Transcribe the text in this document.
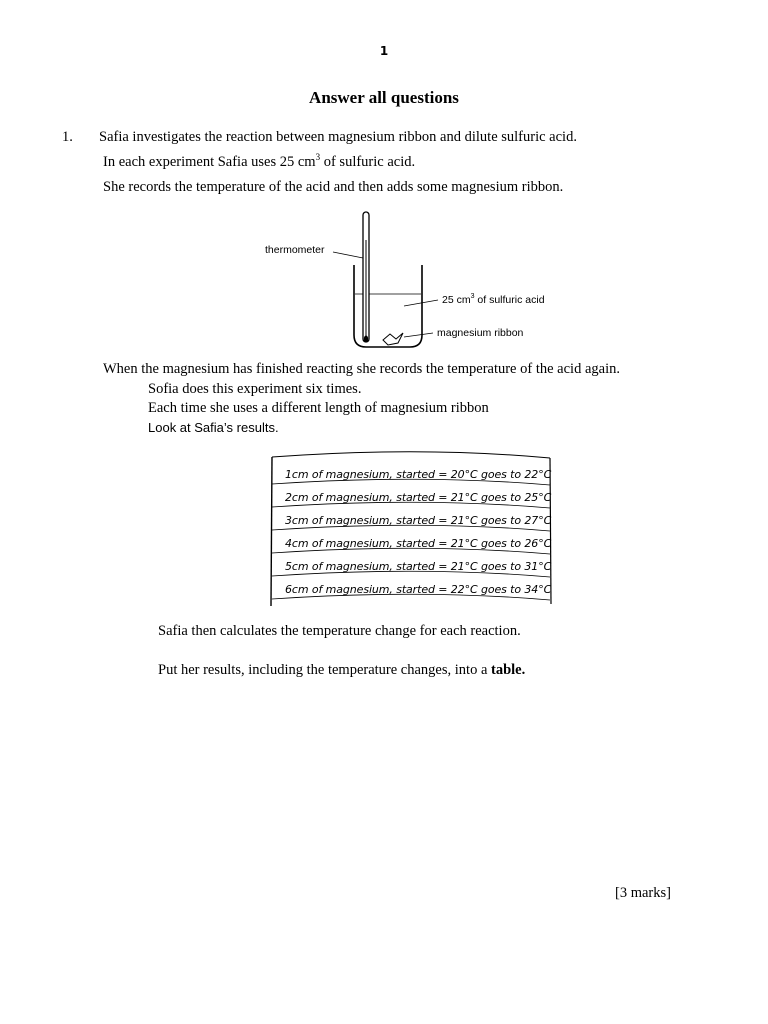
1
Answer all questions
1. Safia investigates the reaction between magnesium ribbon and dilute sulfuric acid.
In each experiment Safia uses 25 $cm^3$ of sulfuric acid.
She records the temperature of the acid and then adds some magnesium ribbon.
thermometer
25 $cm^3$ of sulfuric acid
magnesium ribbon
When the magnesium has finished reacting she records the temperature of the acid again.
Sofia does this experiment six times.
Each time she uses a different length of magnesium ribbon
Look at Safia’s results.
1cm of magnesium, started = 20°C goes to 22°C
2cm of magnesium, started = 21°C goes to 25°C
3cm of magnesium, started = 21°C goes to 27°C
4cm of magnesium, started = 21°C goes to 26°C
5cm of magnesium, started = 21°C goes to 31°C
6cm of magnesium, started = 22°C goes to 34°C
Safia then calculates the temperature change for each reaction.
Put her results, including the temperature changes, into a table.
[3 marks]
